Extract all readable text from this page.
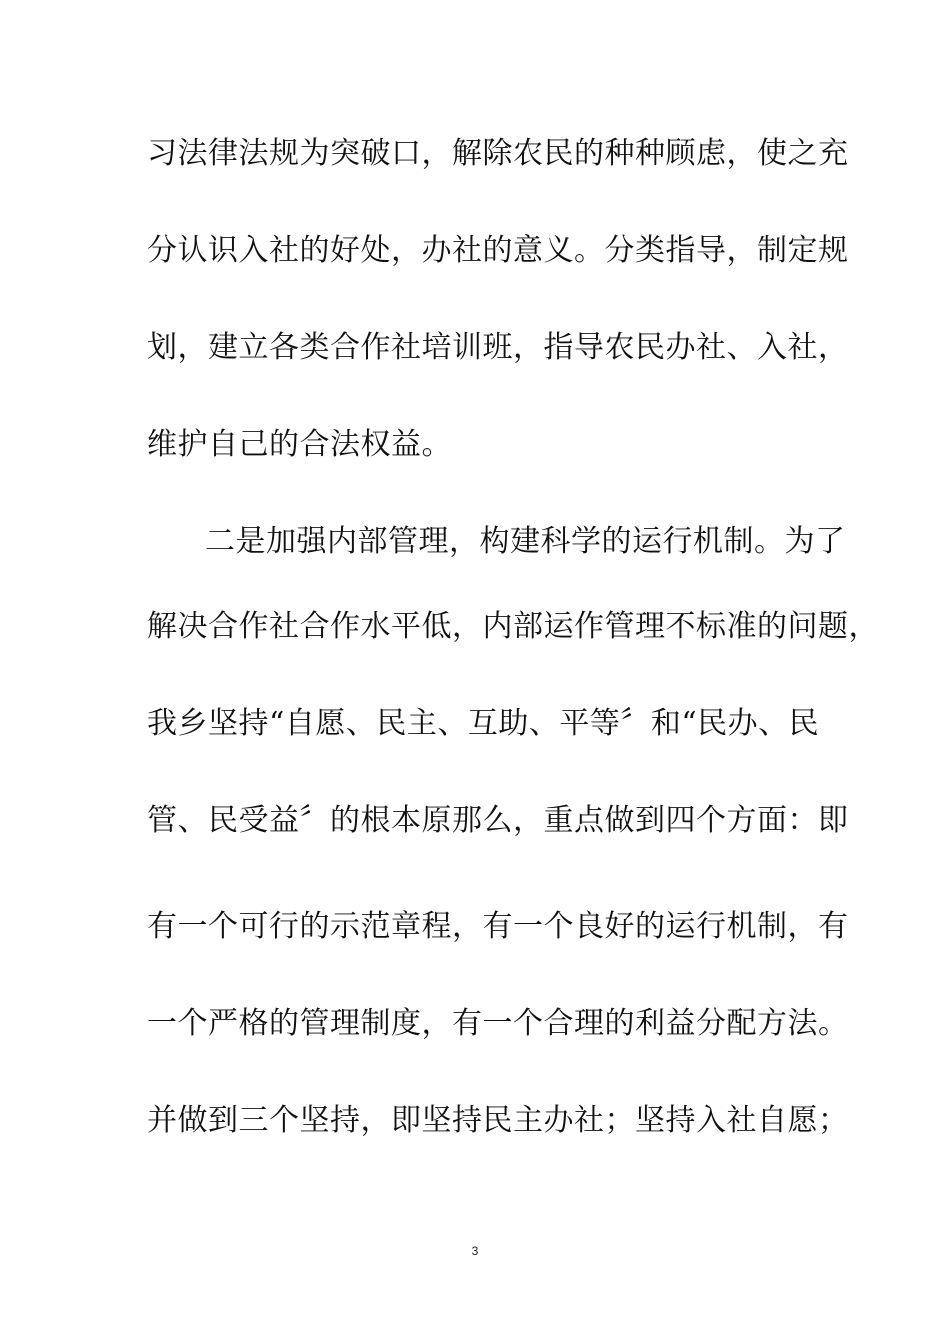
习法律法规为突破口，解除农民的种种顾虑，使之充
分认识入社的好处，办社的意义。分类指导，制定规
划，建立各类合作社培训班，指导农民办社、入社，
维护自己的合法权益。
二是加强内部管理，构建科学的运行机制。为了
解决合作社合作水平低，内部运作管理不标准的问题，
我乡坚持“自愿、民主、互助、平等〞和“民办、民
管、民受益〞的根本原那么，重点做到四个方面：即
有一个可行的示范章程，有一个良好的运行机制，有
一个严格的管理制度，有一个合理的利益分配方法。
并做到三个坚持，即坚持民主办社；坚持入社自愿；
3
